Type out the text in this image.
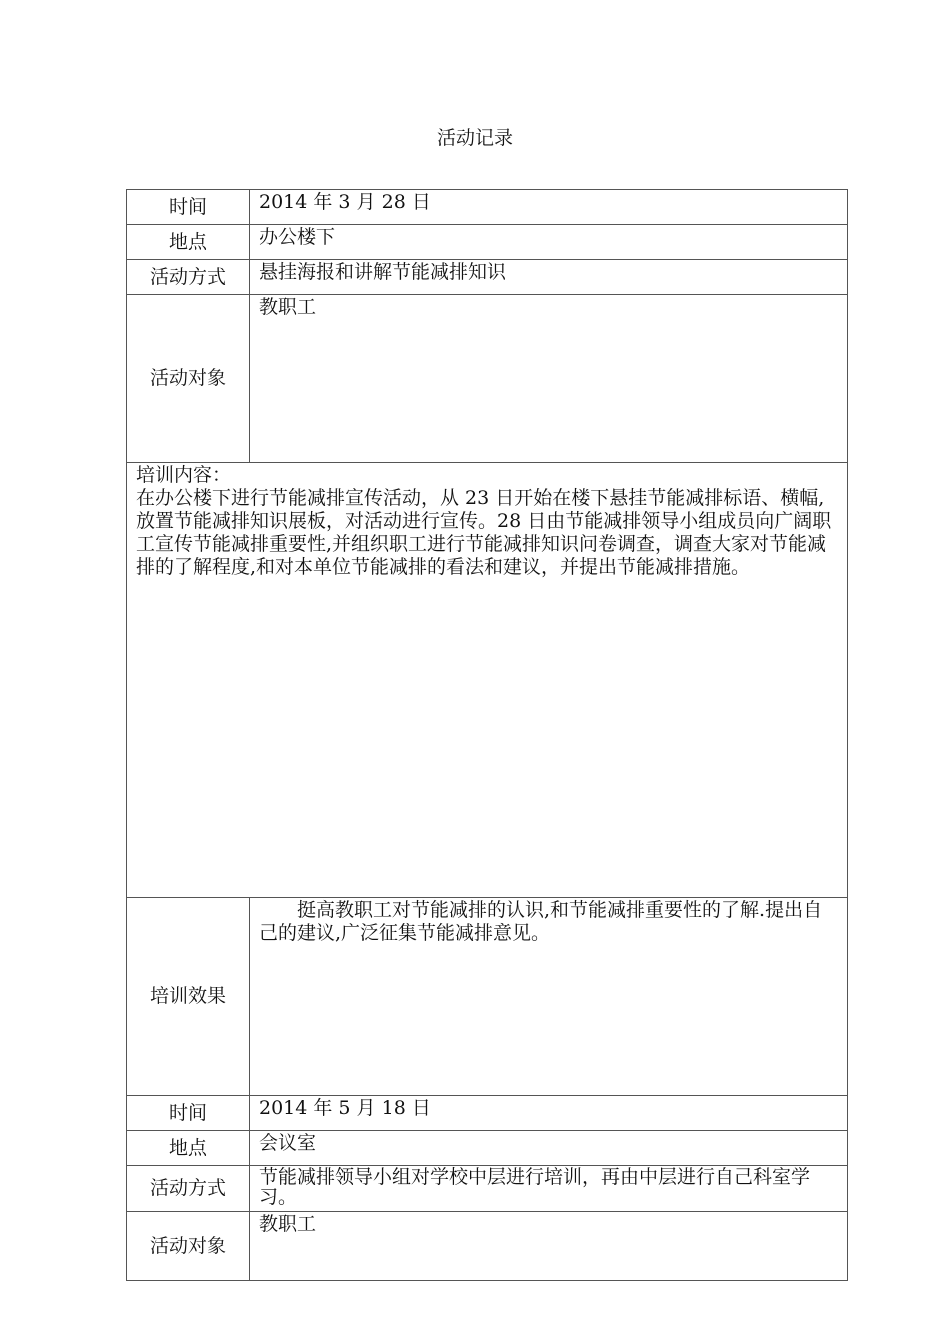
活动记录
时间	2014 年 3 月 28 日
地点	办公楼下
活动方式	悬挂海报和讲解节能减排知识
活动对象	教职工

培训内容：
在办公楼下进行节能减排宣传活动，从 23 日开始在楼下悬挂节能减排标语、横幅,放置节能减排知识展板，对活动进行宣传。28 日由节能减排领导小组成员向广阔职工宣传节能减排重要性,并组织职工进行节能减排知识问卷调查，调查大家对节能减排的了解程度,和对本单位节能减排的看法和建议，并提出节能减排措施。	

培训效果	挺高教职工对节能减排的认识,和节能减排重要性的了解.提出自己的建议,广泛征集节能减排意见。

时间	2014 年 5 月 18 日
地点	会议室
活动方式	节能减排领导小组对学校中层进行培训，再由中层进行自己科室学习。
活动对象	教职工
